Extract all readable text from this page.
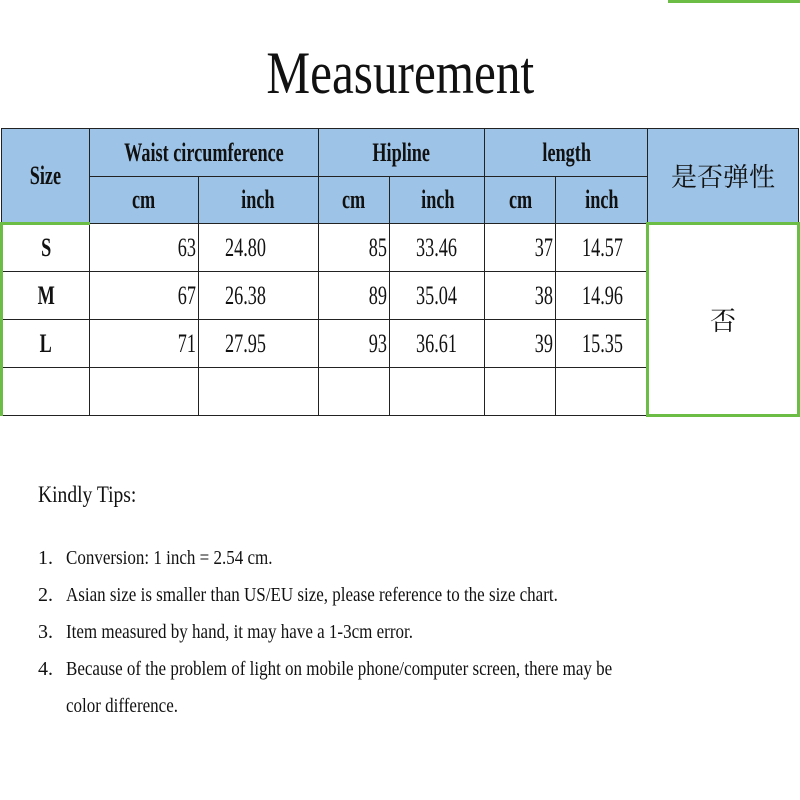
Measurement
Size	Waist circumference		Hipline		length		是否弹性
	cm	inch	cm	inch	cm	inch	
S	63	24.80	85	33.46	37	14.57	否
M	67	26.38	89	35.04	38	14.96	
L	71	27.95	93	36.61	39	15.35	

Kindly Tips:
1. Conversion: 1 inch = 2.54 cm.
2. Asian size is smaller than US/EU size, please reference to the size chart.
3. Item measured by hand, it may have a 1-3cm error.
4. Because of the problem of light on mobile phone/computer screen, there may be
color difference.
